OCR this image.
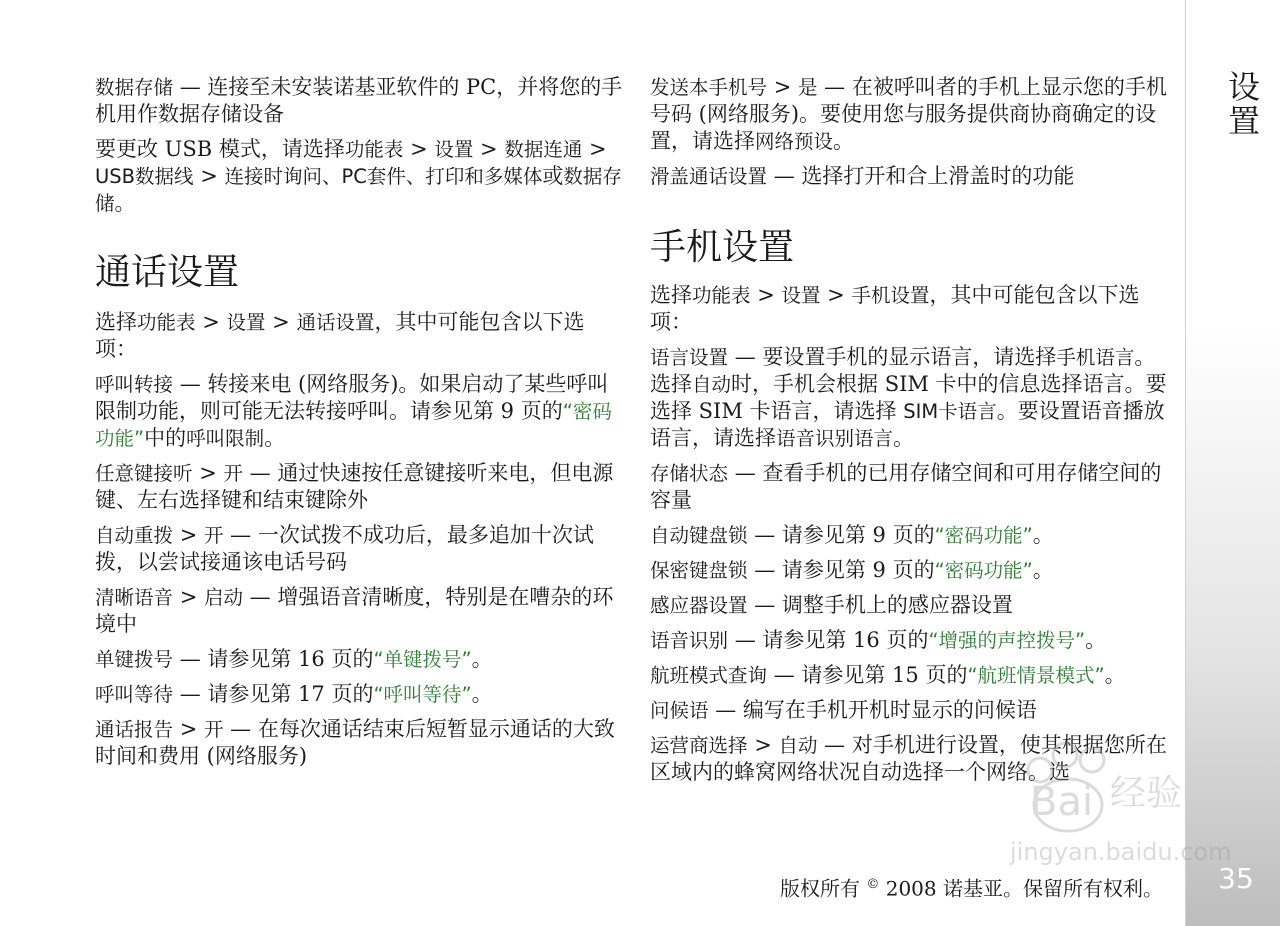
设置
35

数据存储 — 连接至未安装诺基亚软件的 PC，并将您的手机用作数据存储设备

要更改 USB 模式，请选择功能表 > 设置 > 数据连通 > USB数据线 > 连接时询问、PC套件、打印和多媒体或数据存储。

通话设置

选择功能表 > 设置 > 通话设置，其中可能包含以下选项：

呼叫转接 — 转接来电 (网络服务)。如果启动了某些呼叫限制功能，则可能无法转接呼叫。请参见第 9 页的“密码功能”中的呼叫限制。

任意键接听 > 开 — 通过快速按任意键接听来电，但电源键、左右选择键和结束键除外

自动重拨 > 开 — 一次试拨不成功后，最多追加十次试拨，以尝试接通该电话号码

清晰语音 > 启动 — 增强语音清晰度，特别是在嘈杂的环境中

单键拨号 — 请参见第 16 页的“单键拨号”。

呼叫等待 — 请参见第 17 页的“呼叫等待”。

通话报告 > 开 — 在每次通话结束后短暂显示通话的大致时间和费用 (网络服务)

发送本手机号 > 是 — 在被呼叫者的手机上显示您的手机号码 (网络服务)。要使用您与服务提供商协商确定的设置，请选择网络预设。

滑盖通话设置 — 选择打开和合上滑盖时的功能

手机设置

选择功能表 > 设置 > 手机设置，其中可能包含以下选项：

语言设置 — 要设置手机的显示语言，请选择手机语言。选择自动时，手机会根据 SIM 卡中的信息选择语言。要选择 SIM 卡语言，请选择 SIM卡语言。要设置语音播放语言，请选择语音识别语言。

存储状态 — 查看手机的已用存储空间和可用存储空间的容量

自动键盘锁 — 请参见第 9 页的“密码功能”。

保密键盘锁 — 请参见第 9 页的“密码功能”。

感应器设置 — 调整手机上的感应器设置

语音识别 — 请参见第 16 页的“增强的声控拨号”。

航班模式查询 — 请参见第 15 页的“航班情景模式”。

问候语 — 编写在手机开机时显示的问候语

运营商选择 > 自动 — 对手机进行设置，使其根据您所在区域内的蜂窝网络状况自动选择一个网络。选

版权所有 © 2008 诺基亚。保留所有权利。
Bai 经验
jingyan.baidu.com
